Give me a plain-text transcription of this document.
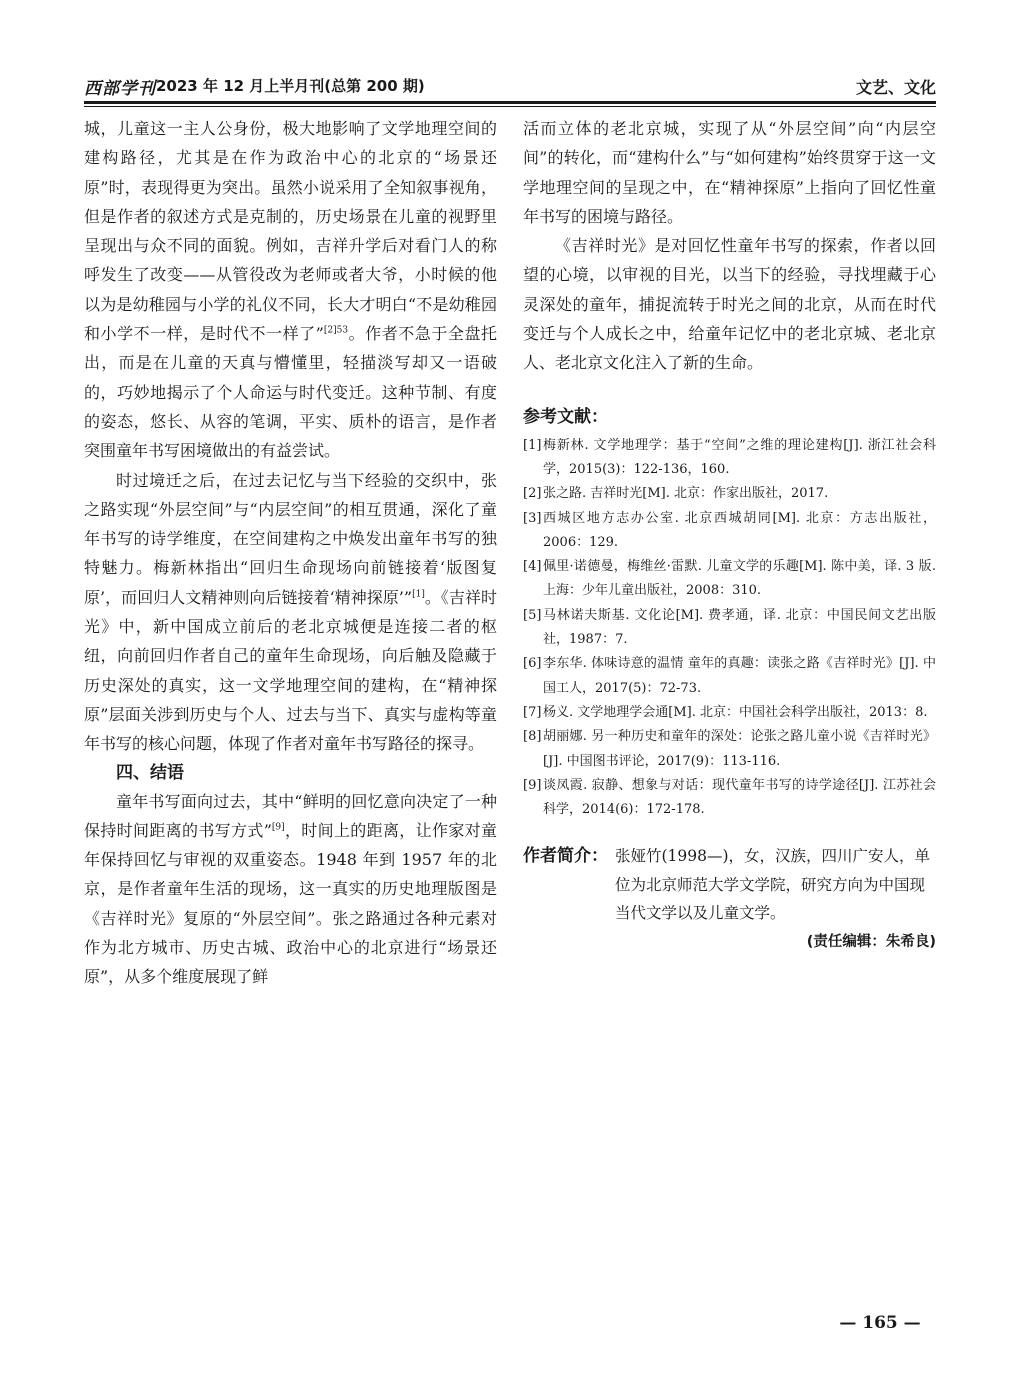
西部学刊 2023 年 12 月上半月刊(总第 200 期)	文艺、文化

城，儿童这一主人公身份，极大地影响了文学地理空间的建构路径，尤其是在作为政治中心的北京的“场景还原”时，表现得更为突出。虽然小说采用了全知叙事视角，但是作者的叙述方式是克制的，历史场景在儿童的视野里呈现出与众不同的面貌。例如，吉祥升学后对看门人的称呼发生了改变——从管役改为老师或者大爷，小时候的他以为是幼稚园与小学的礼仪不同，长大才明白“不是幼稚园和小学不一样，是时代不一样了”$^{[2]53}$。作者不急于全盘托出，而是在儿童的天真与懵懂里，轻描淡写却又一语破的，巧妙地揭示了个人命运与时代变迁。这种节制、有度的姿态，悠长、从容的笔调，平实、质朴的语言，是作者突围童年书写困境做出的有益尝试。

时过境迁之后，在过去记忆与当下经验的交织中，张之路实现“外层空间”与“内层空间”的相互贯通，深化了童年书写的诗学维度，在空间建构之中焕发出童年书写的独特魅力。梅新林指出“回归生命现场向前链接着‘版图复原’，而回归人文精神则向后链接着‘精神探原’”[1]。《吉祥时光》中，新中国成立前后的老北京城便是连接二者的枢纽，向前回归作者自己的童年生命现场，向后触及隐藏于历史深处的真实，这一文学地理空间的建构，在“精神探原”层面关涉到历史与个人、过去与当下、真实与虚构等童年书写的核心问题，体现了作者对童年书写路径的探寻。

四、结语

童年书写面向过去，其中“鲜明的回忆意向决定了一种保持时间距离的书写方式”[9]，时间上的距离，让作家对童年保持回忆与审视的双重姿态。1948 年到 1957 年的北京，是作者童年生活的现场，这一真实的历史地理版图是《吉祥时光》复原的“外层空间”。张之路通过各种元素对作为北方城市、历史古城、政治中心的北京进行“场景还原”，从多个维度展现了鲜

活而立体的老北京城，实现了从“外层空间”向“内层空间”的转化，而“建构什么”与“如何建构”始终贯穿于这一文学地理空间的呈现之中，在“精神探原”上指向了回忆性童年书写的困境与路径。

《吉祥时光》是对回忆性童年书写的探索，作者以回望的心境，以审视的目光，以当下的经验，寻找埋藏于心灵深处的童年，捕捉流转于时光之间的北京，从而在时代变迁与个人成长之中，给童年记忆中的老北京城、老北京人、老北京文化注入了新的生命。

参考文献：
[1] 梅新林. 文学地理学：基于“空间”之维的理论建构[J]. 浙江社会科学，2015(3)：122-136，160.
[2] 张之路. 吉祥时光[M]. 北京：作家出版社，2017.
[3] 西城区地方志办公室. 北京西城胡同[M]. 北京：方志出版社，2006：129.
[4] 佩里·诺德曼，梅维丝·雷默. 儿童文学的乐趣[M]. 陈中美，译. 3 版. 上海：少年儿童出版社，2008：310.
[5] 马林诺夫斯基. 文化论[M]. 费孝通，译. 北京：中国民间文艺出版社，1987：7.
[6] 李东华. 体味诗意的温情 童年的真趣：读张之路《吉祥时光》[J]. 中国工人，2017(5)：72-73.
[7] 杨义. 文学地理学会通[M]. 北京：中国社会科学出版社，2013：8.
[8] 胡丽娜. 另一种历史和童年的深处：论张之路儿童小说《吉祥时光》[J]. 中国图书评论，2017(9)：113-116.
[9] 谈凤霞. 寂静、想象与对话：现代童年书写的诗学途径[J]. 江苏社会科学，2014(6)：172-178.
作者简介： 张娅竹(1998—)，女，汉族，四川广安人，单位为北京师范大学文学院，研究方向为中国现当代文学以及儿童文学。
(责任编辑：朱希良)
— 165 —
